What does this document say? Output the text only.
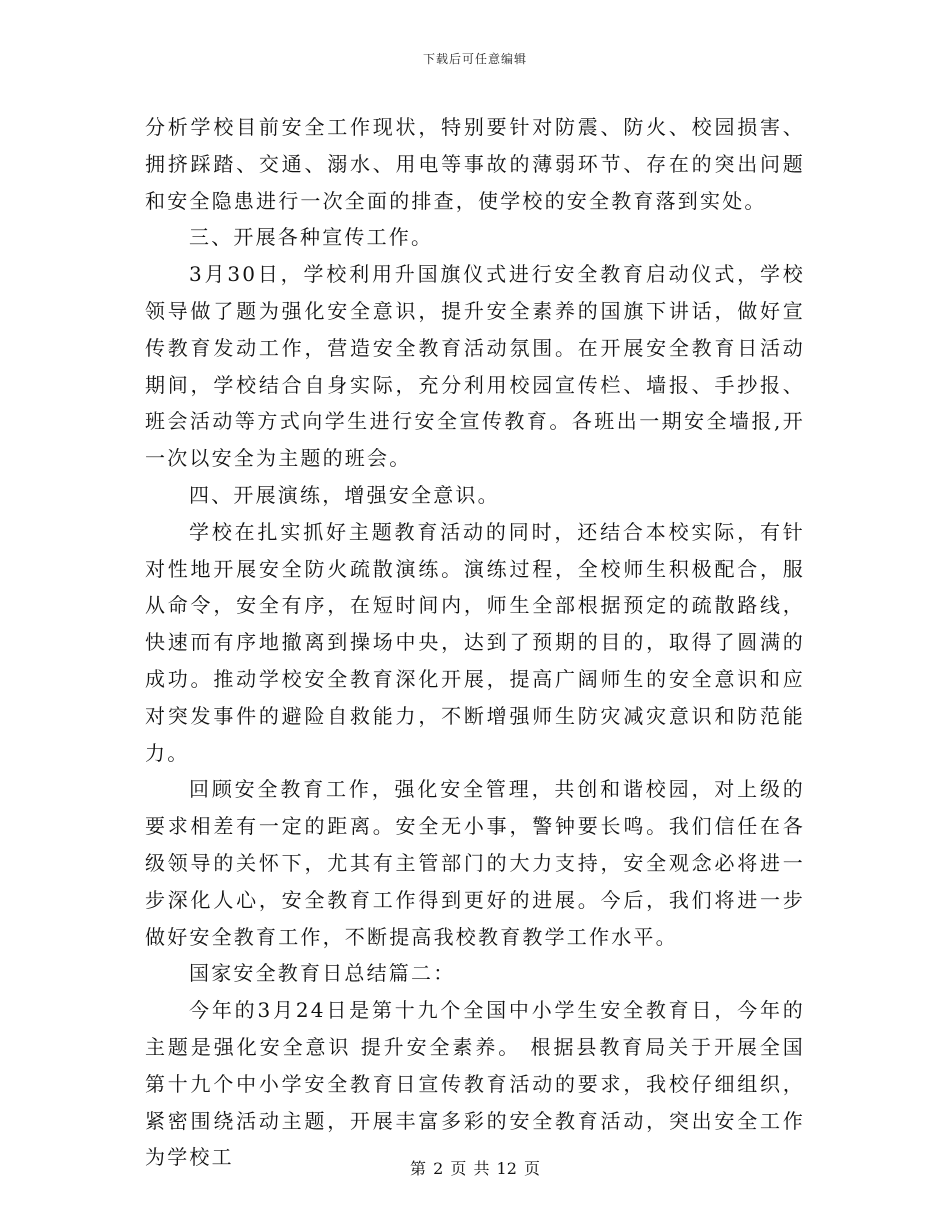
下载后可任意编辑

分析学校目前安全工作现状，特别要针对防震、防火、校园损害、拥挤踩踏、交通、溺水、用电等事故的薄弱环节、存在的突出问题和安全隐患进行一次全面的排查，使学校的安全教育落到实处。

三、开展各种宣传工作。

3月30日，学校利用升国旗仪式进行安全教育启动仪式，学校领导做了题为强化安全意识，提升安全素养的国旗下讲话，做好宣传教育发动工作，营造安全教育活动氛围。在开展安全教育日活动期间，学校结合自身实际，充分利用校园宣传栏、墙报、手抄报、班会活动等方式向学生进行安全宣传教育。各班出一期安全墙报,开一次以安全为主题的班会。

四、开展演练，增强安全意识。

学校在扎实抓好主题教育活动的同时，还结合本校实际，有针对性地开展安全防火疏散演练。演练过程，全校师生积极配合，服从命令，安全有序，在短时间内，师生全部根据预定的疏散路线，快速而有序地撤离到操场中央，达到了预期的目的，取得了圆满的成功。推动学校安全教育深化开展，提高广阔师生的安全意识和应对突发事件的避险自救能力，不断增强师生防灾减灾意识和防范能力。

回顾安全教育工作，强化安全管理，共创和谐校园，对上级的要求相差有一定的距离。安全无小事，警钟要长鸣。我们信任在各级领导的关怀下，尤其有主管部门的大力支持，安全观念必将进一步深化人心，安全教育工作得到更好的进展。今后，我们将进一步做好安全教育工作，不断提高我校教育教学工作水平。

国家安全教育日总结篇二：

今年的3月24日是第十九个全国中小学生安全教育日，今年的主题是强化安全意识 提升安全素养。 根据县教育局关于开展全国第十九个中小学安全教育日宣传教育活动的要求，我校仔细组织，紧密围绕活动主题，开展丰富多彩的安全教育活动，突出安全工作为学校工	第 2 页 共 12 页
